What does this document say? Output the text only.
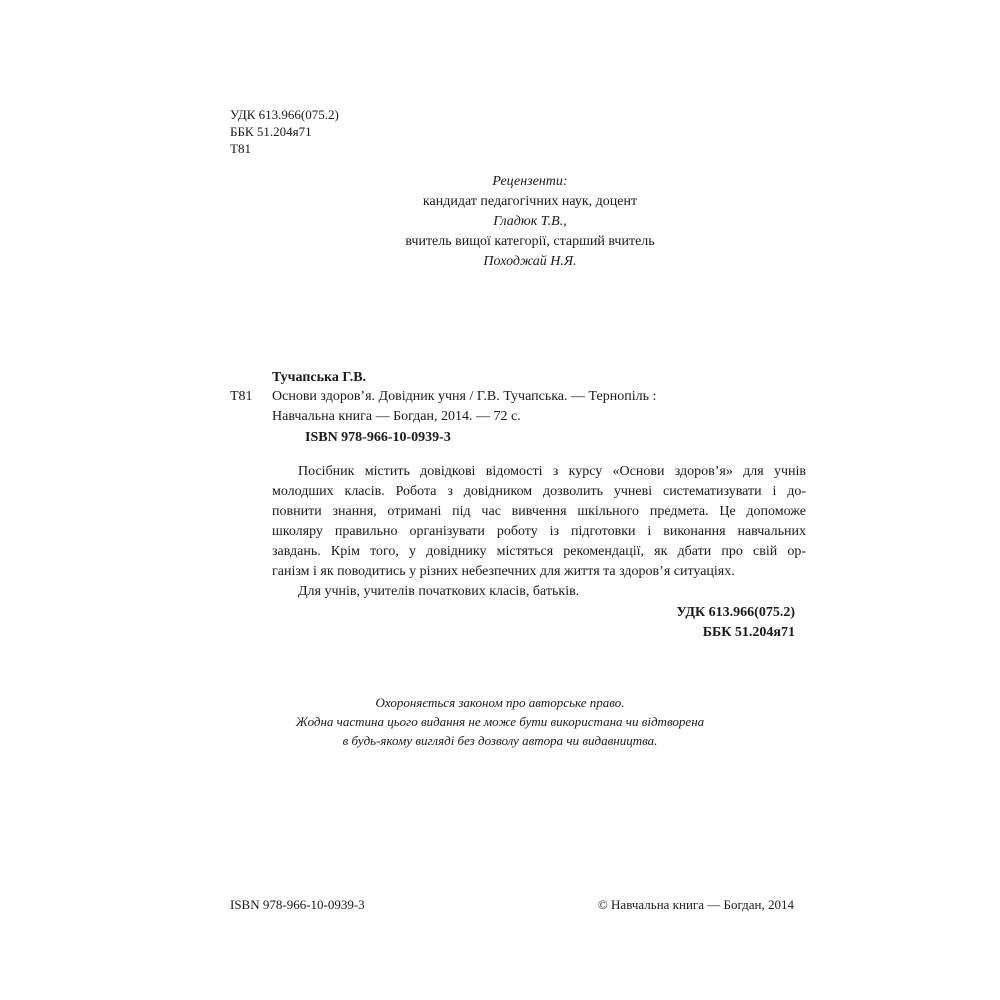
УДК 613.966(075.2)
ББК 51.204я71
Т81
Рецензенти:
кандидат педагогічних наук, доцент
Гладюк Т.В.,
вчитель вищої категорії, старший вчитель
Походжай Н.Я.
Тучапська Г.В.
Т81 Основи здоров’я. Довідник учня / Г.В. Тучапська. — Тернопіль :
Навчальна книга — Богдан, 2014. — 72 с.
ISBN 978-966-10-0939-3

Посібник містить довідкові відомості з курсу «Основи здоров’я» для учнів

молодших класів. Робота з довідником дозволить учневі систематизувати і до-
повнити знання, отримані під час вивчення шкільного предмета. Це допоможе
школяру правильно організувати роботу із підготовки і виконання навчальних
завдань. Крім того, у довіднику містяться рекомендації, як дбати про свій ор-
ганізм і як поводитись у різних небезпечних для життя та здоров’я ситуаціях.

Для учнів, учителів початкових класів, батьків.

УДК 613.966(075.2)
ББК 51.204я71
Охороняється законом про авторське право.
Жодна частина цього видання не може бути використана чи відтворена
в будь-якому вигляді без дозволу автора чи видавництва.
ISBN 978-966-10-0939-3	© Навчальна книга — Богдан, 2014
